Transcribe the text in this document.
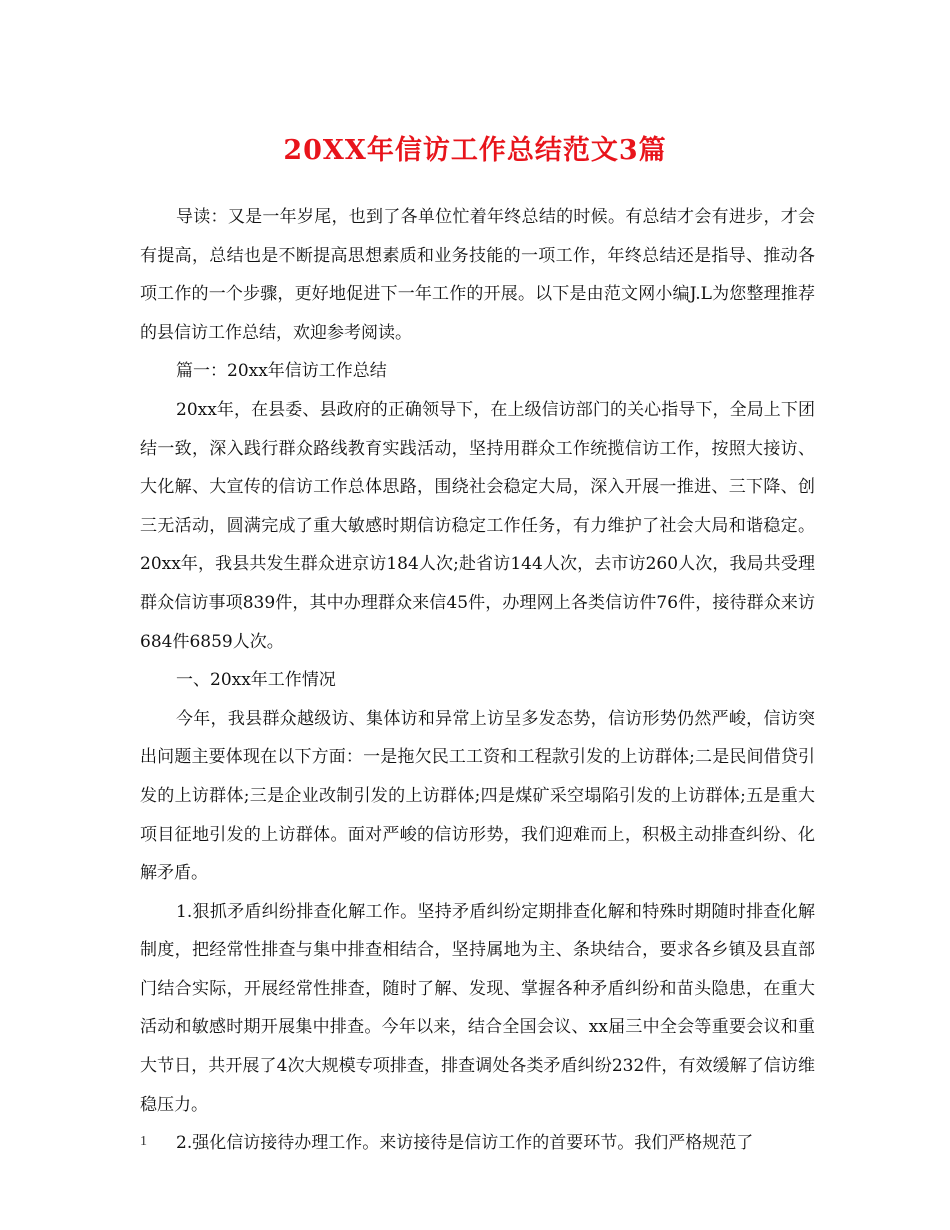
20XX年信访工作总结范文3篇

导读：又是一年岁尾，也到了各单位忙着年终总结的时候。有总结才会有进步，才会有提高，总结也是不断提高思想素质和业务技能的一项工作，年终总结还是指导、推动各项工作的一个步骤，更好地促进下一年工作的开展。以下是由范文网小编J.L为您整理推荐的县信访工作总结，欢迎参考阅读。

篇一：20xx年信访工作总结

20xx年，在县委、县政府的正确领导下，在上级信访部门的关心指导下，全局上下团结一致，深入践行群众路线教育实践活动，坚持用群众工作统揽信访工作，按照大接访、大化解、大宣传的信访工作总体思路，围绕社会稳定大局，深入开展一推进、三下降、创三无活动，圆满完成了重大敏感时期信访稳定工作任务，有力维护了社会大局和谐稳定。20xx年，我县共发生群众进京访184人次;赴省访144人次，去市访260人次，我局共受理群众信访事项839件，其中办理群众来信45件，办理网上各类信访件76件，接待群众来访684件6859人次。

一、20xx年工作情况

今年，我县群众越级访、集体访和异常上访呈多发态势，信访形势仍然严峻，信访突出问题主要体现在以下方面：一是拖欠民工工资和工程款引发的上访群体;二是民间借贷引发的上访群体;三是企业改制引发的上访群体;四是煤矿采空塌陷引发的上访群体;五是重大项目征地引发的上访群体。面对严峻的信访形势，我们迎难而上，积极主动排查纠纷、化解矛盾。

1.狠抓矛盾纠纷排查化解工作。坚持矛盾纠纷定期排查化解和特殊时期随时排查化解制度，把经常性排查与集中排查相结合，坚持属地为主、条块结合，要求各乡镇及县直部门结合实际，开展经常性排查，随时了解、发现、掌握各种矛盾纠纷和苗头隐患，在重大活动和敏感时期开展集中排查。今年以来，结合全国会议、xx届三中全会等重要会议和重大节日，共开展了4次大规模专项排查，排查调处各类矛盾纠纷232件，有效缓解了信访维稳压力。

2.强化信访接待办理工作。来访接待是信访工作的首要环节。我们严格规范了

1
